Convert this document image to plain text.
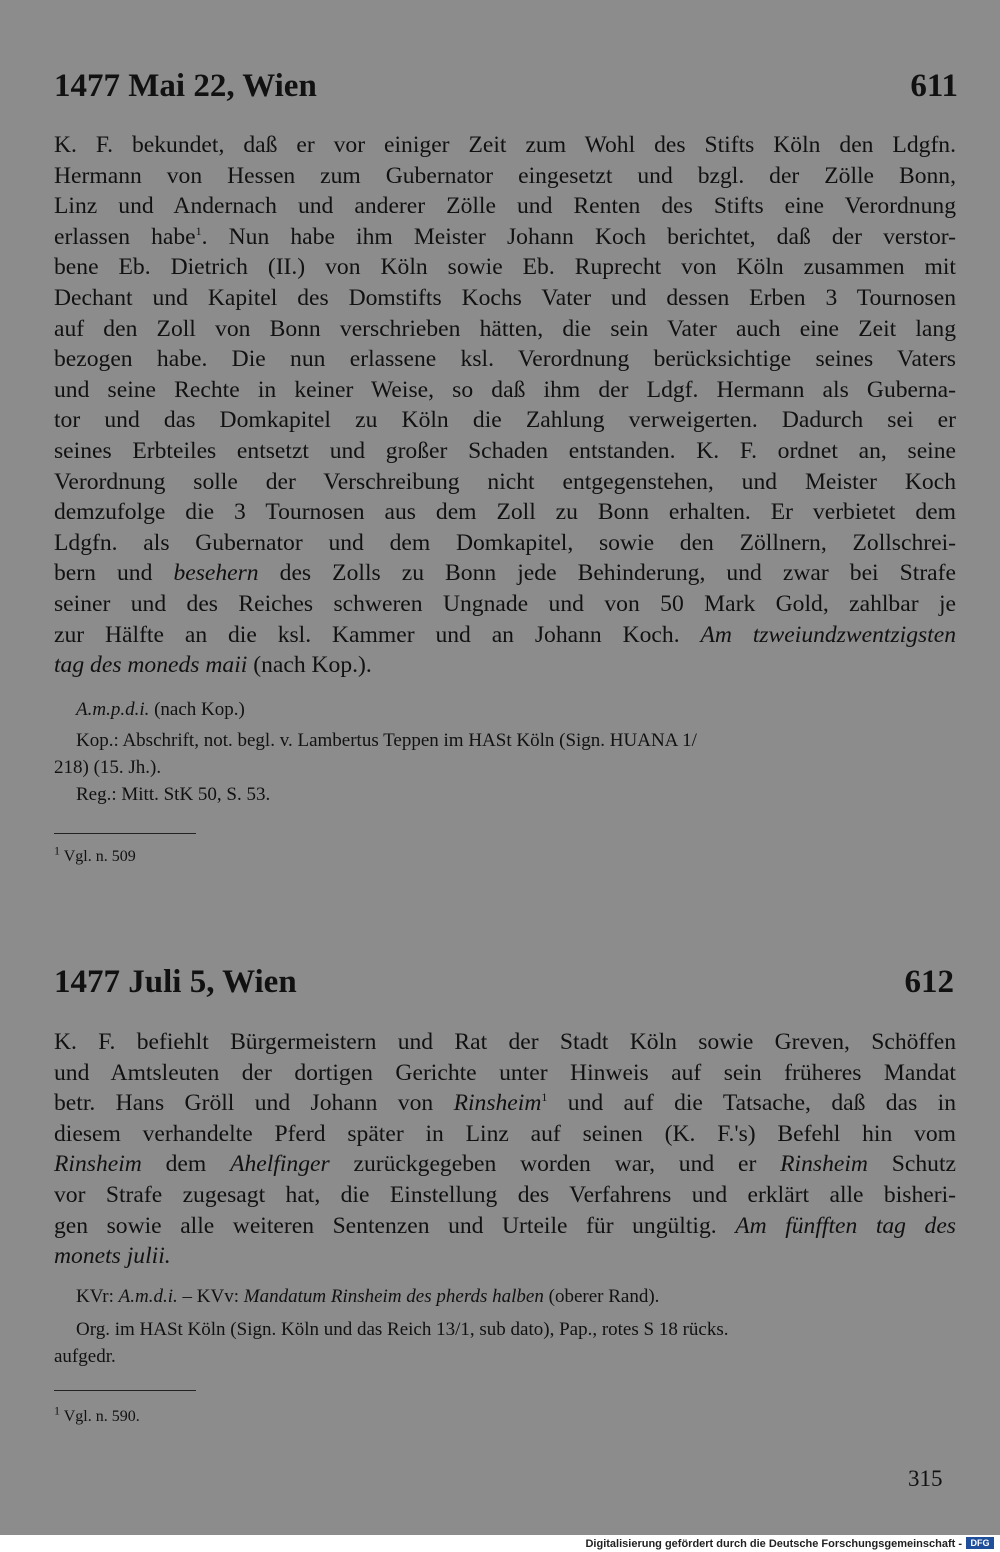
1477 Mai 22, Wien	611
K. F. bekundet, daß er vor einiger Zeit zum Wohl des Stifts Köln den Ldgfn.
Hermann von Hessen zum Gubernator eingesetzt und bzgl. der Zölle Bonn,
Linz und Andernach und anderer Zölle und Renten des Stifts eine Verordnung
erlassen habe$^1$. Nun habe ihm Meister Johann Koch berichtet, daß der verstor-
bene Eb. Dietrich (II.) von Köln sowie Eb. Ruprecht von Köln zusammen mit
Dechant und Kapitel des Domstifts Kochs Vater und dessen Erben 3 Tournosen
auf den Zoll von Bonn verschrieben hätten, die sein Vater auch eine Zeit lang
bezogen habe. Die nun erlassene ksl. Verordnung berücksichtige seines Vaters
und seine Rechte in keiner Weise, so daß ihm der Ldgf. Hermann als Guberna-
tor und das Domkapitel zu Köln die Zahlung verweigerten. Dadurch sei er
seines Erbteiles entsetzt und großer Schaden entstanden. K. F. ordnet an, seine
Verordnung solle der Verschreibung nicht entgegenstehen, und Meister Koch
demzufolge die 3 Tournosen aus dem Zoll zu Bonn erhalten. Er verbietet dem
Ldgfn. als Gubernator und dem Domkapitel, sowie den Zöllnern, Zollschrei-
bern und besehern des Zolls zu Bonn jede Behinderung, und zwar bei Strafe
seiner und des Reiches schweren Ungnade und von 50 Mark Gold, zahlbar je
zur Hälfte an die ksl. Kammer und an Johann Koch. Am tzweiundzwentzigsten
tag des moneds maii (nach Kop.).
A.m.p.d.i. (nach Kop.)
Kop.: Abschrift, not. begl. v. Lambertus Teppen im HASt Köln (Sign. HUANA 1/
218) (15. Jh.).
Reg.: Mitt. StK 50, S. 53.
$^1$ Vgl. n. 509
1477 Juli 5, Wien	612
K. F. befiehlt Bürgermeistern und Rat der Stadt Köln sowie Greven, Schöffen
und Amtsleuten der dortigen Gerichte unter Hinweis auf sein früheres Mandat
betr. Hans Gröll und Johann von Rinsheim$^1$ und auf die Tatsache, daß das in
diesem verhandelte Pferd später in Linz auf seinen (K. F.'s) Befehl hin vom
Rinsheim dem Ahelfinger zurückgegeben worden war, und er Rinsheim Schutz
vor Strafe zugesagt hat, die Einstellung des Verfahrens und erklärt alle bisheri-
gen sowie alle weiteren Sentenzen und Urteile für ungültig. Am fünfften tag des
monets julii.
KVr: A.m.d.i. – KVv: Mandatum Rinsheim des pherds halben (oberer Rand).
Org. im HASt Köln (Sign. Köln und das Reich 13/1, sub dato), Pap., rotes S 18 rücks.
aufgedr.
$^1$ Vgl. n. 590.
315
Digitalisierung gefördert durch die Deutsche Forschungsgemeinschaft - DFG
